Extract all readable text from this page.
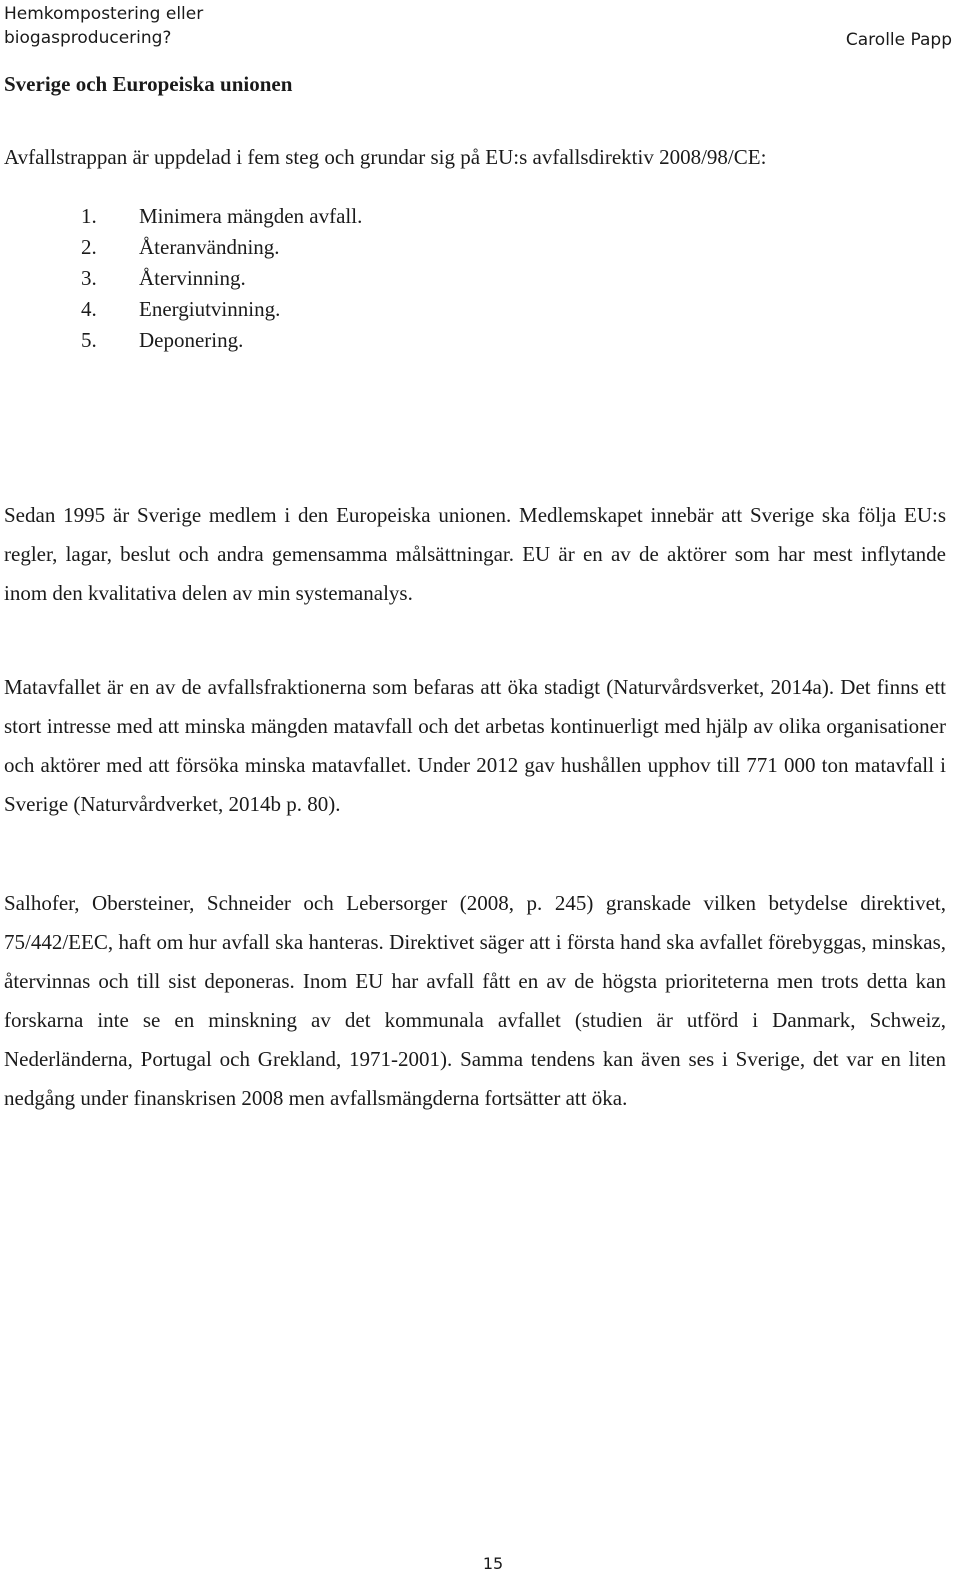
Hemkompostering eller
biogasproducering?	Carolle Papp
Sverige och Europeiska unionen

Avfallstrappan är uppdelad i fem steg och grundar sig på EU:s avfallsdirektiv 2008/98/CE:

1.	Minimera mängden avfall.
2.	Återanvändning.
3.	Återvinning.
4.	Energiutvinning.
5.	Deponering.

Sedan 1995 är Sverige medlem i den Europeiska unionen. Medlemskapet innebär att Sverige ska följa EU:s regler, lagar, beslut och andra gemensamma målsättningar. EU är en av de aktörer som har mest inflytande inom den kvalitativa delen av min systemanalys.

Matavfallet är en av de avfallsfraktionerna som befaras att öka stadigt (Naturvårdsverket, 2014a). Det finns ett stort intresse med att minska mängden matavfall och det arbetas kontinuerligt med hjälp av olika organisationer och aktörer med att försöka minska matavfallet. Under 2012 gav hushållen upphov till 771 000 ton matavfall i Sverige (Naturvårdverket, 2014b p. 80).

Salhofer, Obersteiner, Schneider och Lebersorger (2008, p. 245) granskade vilken betydelse direktivet, 75/442/EEC, haft om hur avfall ska hanteras. Direktivet säger att i första hand ska avfallet förebyggas, minskas, återvinnas och till sist deponeras. Inom EU har avfall fått en av de högsta prioriteterna men trots detta kan forskarna inte se en minskning av det kommunala avfallet (studien är utförd i Danmark, Schweiz, Nederländerna, Portugal och Grekland, 1971-2001). Samma tendens kan även ses i Sverige, det var en liten nedgång under finanskrisen 2008 men avfallsmängderna fortsätter att öka.

15
